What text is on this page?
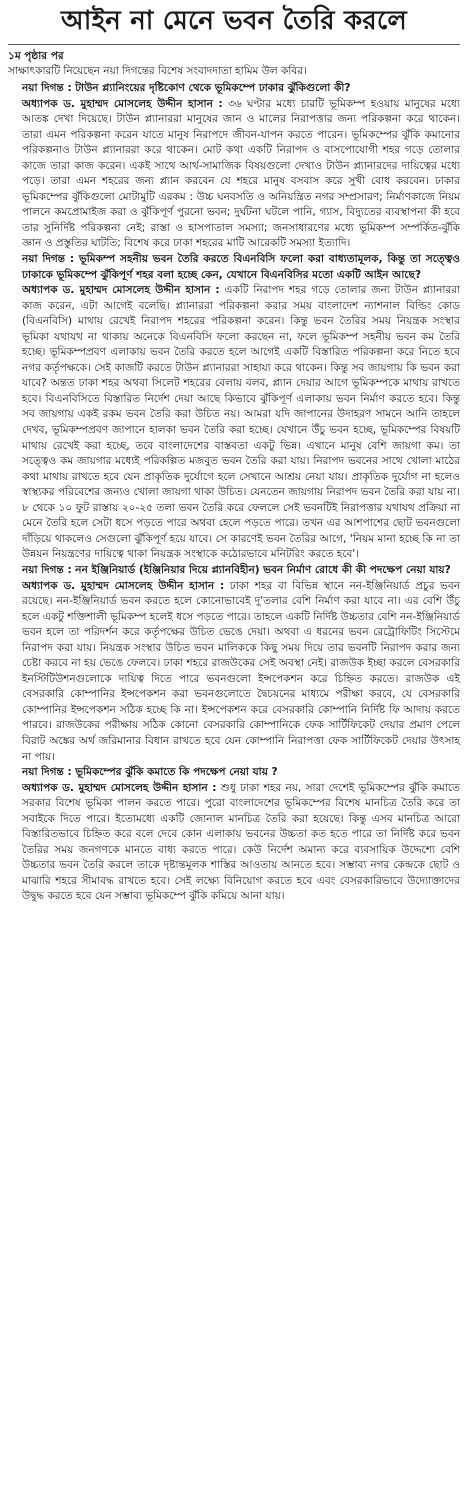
আইন না মেনে ভবন তৈরি করলে
১ম পৃষ্ঠার পর
সাক্ষাৎকারটি নিয়েছেন নয়া দিগন্তের বিশেষ সংবাদদাতা হামিম উল কবির।

নয়া দিগন্ত : টাউন প্ল্যানিংয়ের দৃষ্টিকোণ থেকে ভূমিকম্পে ঢাকার ঝুঁকিগুলো কী?

অধ্যাপক ড. মুহাম্মদ মোসলেহ উদ্দীন হাসান : ৩৬ ঘণ্টার মধ্যে চারটি ভূমিকম্প হওয়ায় মানুষের মধ্যে আতঙ্ক দেখা দিয়েছে। টাউন প্ল্যানাররা মানুষের জান ও মালের নিরাপত্তার জন্য পরিকল্পনা করে থাকেন। তারা এমন পরিকল্পনা করেন যাতে মানুষ নিরাপদে জীবন-যাপন করতে পারেন। ভূমিকম্পের ঝুঁকি কমানোর পরিকল্পনাও টাউন প্ল্যানাররা করে থাকেন। মোট কথা একটি নিরাপদ ও বাসপোযোগী শহর গড়ে তোলার কাজে তারা কাজ করেন। একই সাথে আর্থ-সামাজিক বিষয়গুলো দেখাও টাউন প্ল্যানারদের দায়িত্বের মধ্যে পড়ে। তারা এমন শহরের জন্য প্ল্যান করবেন যে শহরে মানুষ বসবাস করে সুখী বোধ করবেন। ঢাকার ভূমিকম্পের ঝুঁকিগুলো মোটামুটি এরকম : উচ্চ ঘনবসতি ও অনিয়ন্ত্রিত নগর সম্প্রসারণ; নির্মাণকাজে নিয়ম পালনে কমপ্রোমাইজ করা ও ঝুঁকিপূর্ণ পুরনো ভবন; দুর্ঘটনা ঘটলে পানি, গ্যাস, বিদ্যুতের ব্যবস্থাপনা কী হবে তার সুনির্দিষ্ট পরিকল্পনা নেই; রাস্তা ও হাসপাতাল সমস্যা; জনসাধারণের মধ্যে ভূমিকম্প সম্পর্কিত-ঝুঁকি জ্ঞান ও প্রস্তুতির ঘাটতি; বিশেষ করে ঢাকা শহরের মাটি আরেকটি সমস্যা ইত্যাদি।

নয়া দিগন্ত : ভূমিকম্প সহনীয় ভবন তৈরি করতে বিএনবিসি ফলো করা বাধ্যতামূলক, কিন্তু তা সত্ত্বেও ঢাকাকে ভূমিকম্পে ঝুঁকিপূর্ণ শহর বলা হচ্ছে কেন, যেখানে বিএনবিসির মতো একটি আইন আছে?

অধ্যাপক ড. মুহাম্মদ মোসলেহ উদ্দীন হাসান : একটি নিরাপদ শহর গড়ে তোলার জন্য টাউন প্ল্যানাররা কাজ করেন, এটা আগেই বলেছি। প্ল্যানাররা পরিকল্পনা করার সময় বাংলাদেশ ন্যাশনাল বিল্ডিং কোড (বিএনবিসি) মাথায় রেখেই নিরাপদ শহরের পরিকল্পনা করেন। কিন্তু ভবন তৈরির সময় নিয়ন্ত্রক সংস্থার ভূমিকা যথাযথ না থাকায় অনেকে বিএনবিসি ফলো করছেন না, ফলে ভূমিকম্প সহনীয় ভবন কম তৈরি হচ্ছে। ভূমিকম্পপ্রবণ এলাকায় ভবন তৈরি করতে হলে আগেই একটি বিস্তারিত পরিকল্পনা করে নিতে হবে নগর কর্তৃপক্ষকে। সেই কাজটি করতে টাউন প্ল্যানাররা সাহায্য করে থাকেন। কিন্তু সব জায়গায় কি ভবন করা যাবে? অন্তত ঢাকা শহর অথবা সিলেট শহরের বেলায় বলব, প্ল্যান দেয়ার আগে ভূমিকম্পকে মাথায় রাখতে হবে। বিএনবিসিতে বিস্তারিত নির্দেশ দেয়া আছে কিভাবে ঝুঁকিপূর্ণ এলাকায় ভবন নির্মাণ করতে হবে। কিন্তু সব জায়গায় একই রকম ভবন তৈরি করা উচিত নয়। আমরা যদি জাপানের উদাহরণ সামনে আনি তাহলে দেখব, ভূমিকম্পপ্রবণ জাপানে হালকা ভবন তৈরি করা হচ্ছে। যেখানে উঁচু ভবন হচ্ছে, ভূমিকম্পের বিষয়টি মাথায় রেখেই করা হচ্ছে, তবে বাংলাদেশের বাস্তবতা একটু ভিন্ন। এখানে মানুষ বেশি জায়গা কম। তা সত্ত্বেও কম জায়গার মধ্যেই পরিকল্পিত মজবুত ভবন তৈরি করা যায়। নিরাপদ ভবনের সাথে খোলা মাঠের কথা মাথায় রাখতে হবে যেন প্রাকৃতিক দুর্যোগে হলে সেখানে আশ্রয় নেয়া যায়। প্রাকৃতিক দুর্যোগ না হলেও স্বাস্থ্যকর পরিবেশের জন্যও খোলা জায়গা থাকা উচিত। যেনতেন জায়গায় নিরাপদ ভবন তৈরি করা যায় না। ৮ থেকে ১০ ফুট রাস্তায় ২০-২৫ তলা ভবন তৈরি করে ফেললে সেই ভবনটিই নিরাপত্তার যথাযথ প্রক্রিয়া না মেনে তৈরি হলে সেটা ধসে পড়তে পারে অথবা হেলে পড়তে পারে। তখন এর আশপাশের ছোট ভবনগুলো দাঁড়িয়ে থাকলেও সেগুলো ঝুঁকিপূর্ণ হয়ে যাবে। সে কারণেই ভবন তৈরির আগে, 'নিয়ম মানা হচ্ছে কি না তা উন্নয়ন নিয়ন্ত্রণের দায়িত্বে থাকা নিয়ন্ত্রক সংস্থাকে কঠোরভাবে মনিটরিং করতে হবে'।

নয়া দিগন্ত : নন ইঞ্জিনিয়ার্ড (ইঞ্জিনিয়ার দিয়ে প্ল্যানবিহীন) ভবন নির্মাণ রোধে কী কী পদক্ষেপ নেয়া যায়?

অধ্যাপক ড. মুহাম্মদ মোসলেহ উদ্দীন হাসান : ঢাকা শহর বা বিভিন্ন স্থানে নন-ইঞ্জিনিয়ার্ড প্রচুর ভবন রয়েছে। নন-ইঞ্জিনিয়ার্ড ভবন করতে হলে কোনোভাবেই দু'তলার বেশি নির্মাণ করা যাবে না। এর বেশি উঁচু হলে একটু শক্তিশালী ভূমিকম্প হলেই ধসে পড়তে পারে। তাহলে একটি নির্দিষ্ট উচ্চতার বেশি নন-ইঞ্জিনিয়ার্ড ভবন হলে তা পরিদর্শন করে কর্তৃপক্ষের উচিত ভেঙে দেয়া। অথবা এ ধরনের ভবন রেট্রোফিটিং সিস্টেমে নিরাপদ করা যায়। নিয়ন্ত্রক সংস্থার উচিত ভবন মালিককে কিছু সময় দিয়ে তার ভবনটি নিরাপদ করার জন্য চেষ্টা করবে না হয় ভেঙে ফেলবে। ঢাকা শহরে রাজউকের সেই অবস্থা নেই। রাজউক ইচ্ছা করলে বেসরকারি ইনস্টিটিউশনগুলোকে দায়িত্ব দিতে পারে ভবনগুলো ইন্সপেকশন করে চিহ্নিত করতে। রাজউক এই বেসরকারি কোম্পানির ইন্সপেকশন করা ভবনগুলোতে দ্বৈচয়নের মাধ্যমে পরীক্ষা করবে, যে বেসরকারি কোম্পানির ইন্সপেকশন সঠিক হচ্ছে কি না। ইন্সপেকশন করে বেসরকারি কোম্পানি নির্দিষ্ট ফি আদায় করতে পারবে। রাজউকের পরীক্ষায় সঠিক কোনো বেসরকারি কোম্পানিকে ফেক সার্টিফিকেট দেয়ার প্রমাণ পেলে বিরাট অঙ্কের অর্থ জরিমানার বিধান রাখতে হবে যেন কোম্পানি নিরাপত্তা ফেক সার্টিফিকেট দেয়ার উৎসাহ না পায়।

নয়া দিগন্ত : ভূমিকম্পের ঝুঁকি কমাতে কি পদক্ষেপ নেয়া যায় ?

অধ্যাপক ড. মুহাম্মদ মোসলেহ উদ্দীন হাসান : শুধু ঢাকা শহর নয়, সারা দেশেই ভূমিকম্পের ঝুঁকি কমাতে সরকার বিশেষ ভূমিকা পালন করতে পারে। পুরো বাংলাদেশের ভূমিকম্পের বিশেষ মানচিত্র তৈরি করে তা সবাইকে দিতে পারে। ইতোমধ্যে একটি জোনাল মানচিত্র তৈরি করা হয়েছে। কিন্তু এসব মানচিত্র আরো বিস্তারিতভাবে চিহ্নিত করে বলে দেবে কোন এলাকায় ভবনের উচ্চতা কত হতে পারে তা নির্দিষ্ট করে ভবন তৈরির সময় জনগণকে মানতে বাধ্য করতে পারে। কেউ নির্দেশ অমান্য করে ব্যবসায়িক উদ্দেশ্যে বেশি উচ্চতার ভবন তৈরি করলে তাকে দৃষ্টান্তমূলক শাস্তির আওতায় আনতে হবে। সম্ভাব্য নগর কেন্দ্রকে ছোট ও মাঝারি শহরে সীমাবদ্ধ রাখতে হবে। সেই লক্ষ্যে বিনিয়োগ করতে হবে এবং বেসরকারিভাবে উদ্যোক্তাদের উদ্বুদ্ধ করতে হবে যেন সম্ভাব্য ভূমিকম্পে ঝুঁকি কমিয়ে আনা যায়।
